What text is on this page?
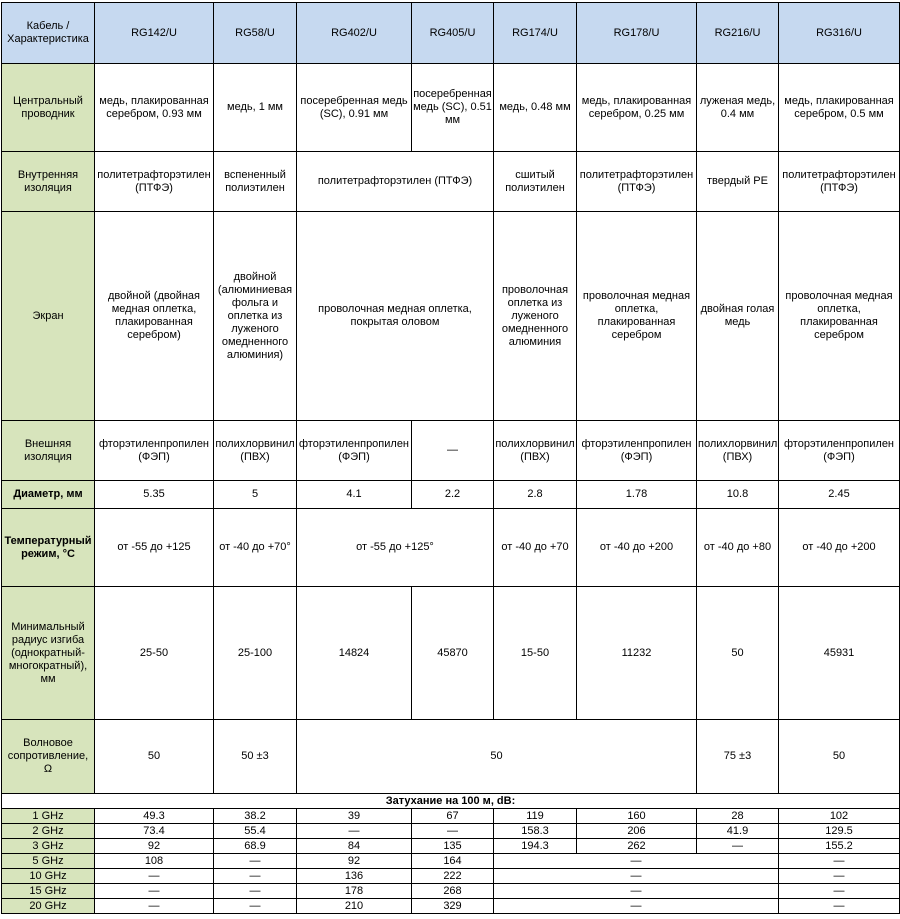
Кабель / Характеристика	RG142/U	RG58/U	RG402/U	RG405/U	RG174/U	RG178/U	RG216/U	RG316/U
Центральный проводник	медь, плакированная серебром, 0.93 мм	медь, 1 мм	посеребренная медь (SC), 0.91 мм	посеребренная медь (SC), 0.51 мм	медь, 0.48 мм	медь, плакированная серебром, 0.25 мм	луженая медь, 0.4 мм	медь, плакированная серебром, 0.5 мм
Внутренняя изоляция	политетрафторэтилен (ПТФЭ)	вспененный полиэтилен	политетрафторэтилен (ПТФЭ)		сшитый полиэтилен	политетрафторэтилен (ПТФЭ)	твердый PE	политетрафторэтилен (ПТФЭ)
Экран	двойной (двойная медная оплетка, плакированная серебром)	двойной (алюминиевая фольга и оплетка из луженого омедненного алюминия)	проволочная медная оплетка, покрытая оловом		проволочная оплетка из луженого омедненного алюминия	проволочная медная оплетка, плакированная серебром	двойная голая медь	проволочная медная оплетка, плакированная серебром
Внешняя изоляция	фторэтиленпропилен (ФЭП)	полихлорвинил (ПВХ)	фторэтиленпропилен (ФЭП)	—	полихлорвинил (ПВХ)	фторэтиленпропилен (ФЭП)	полихлорвинил (ПВХ)	фторэтиленпропилен (ФЭП)
Диаметр, мм	5.35	5	4.1	2.2	2.8	1.78	10.8	2.45
Температурный режим, °C	от -55 до +125	от -40 до +70°	от -55 до +125°		от -40 до +70	от -40 до +200	от -40 до +80	от -40 до +200
Минимальный радиус изгиба (однократный-многократный), мм	25-50	25-100	14824	45870	15-50	11232	50	45931
Волновое сопротивление, Ω	50	50 ±3	50				75 ±3	50
Затухание на 100 м, dB:								
1 GHz	49.3	38.2	39	67	119	160	28	102
2 GHz	73.4	55.4	—	—	158.3	206	41.9	129.5
3 GHz	92	68.9	84	135	194.3	262	—	155.2
5 GHz	108	—	92	164	—			—
10 GHz	—	—	136	222	—			—
15 GHz	—	—	178	268	—			—
20 GHz	—	—	210	329	—			—
